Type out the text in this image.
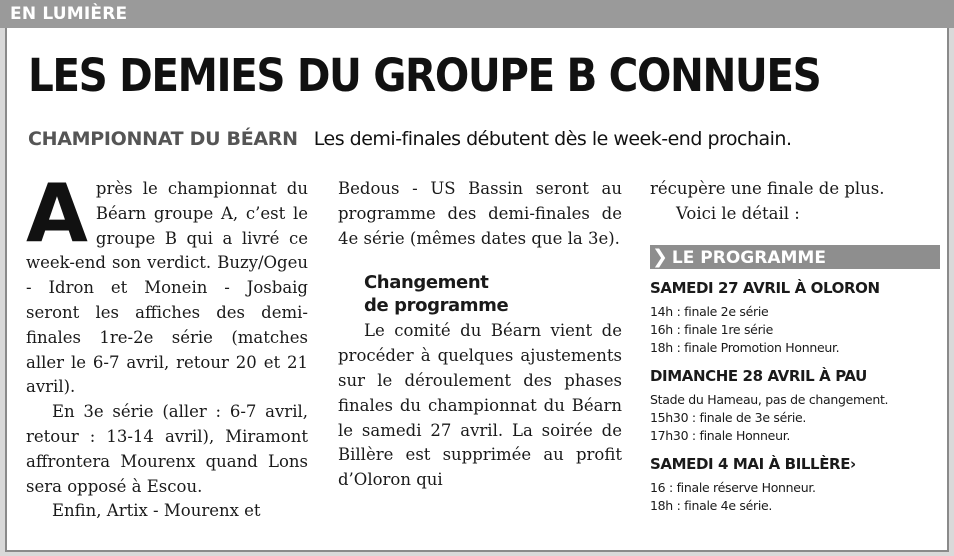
EN LUMIÈRE
LES DEMIES DU GROUPE B CONNUES
CHAMPIONNAT DU BÉARN Les demi-finales débutent dès le week-end prochain.

Après le championnat du Béarn groupe A, c’est le groupe B qui a livré ce week-end son verdict. Buzy/Ogeu - Idron et Monein - Josbaig seront les affiches des demi-finales 1re-2e série (matches aller le 6-7 avril, retour 20 et 21 avril).

En 3e série (aller : 6-7 avril, retour : 13-14 avril), Miramont affrontera Mourenx quand Lons sera opposé à Escou.

Enfin, Artix - Mourenx et

Bedous - US Bassin seront au programme des demi-finales de 4e série (mêmes dates que la 3e).

Changement
de programme

Le comité du Béarn vient de procéder à quelques ajustements sur le déroulement des phases finales du championnat du Béarn le samedi 27 avril. La soirée de Billère est supprimée au profit d’Oloron qui

récupère une finale de plus.

Voici le détail :

❯ LE PROGRAMME
SAMEDI 27 AVRIL À OLORON
14h : finale 2e série
16h : finale 1re série
18h : finale Promotion Honneur.
DIMANCHE 28 AVRIL À PAU
Stade du Hameau, pas de changement.
15h30 : finale de 3e série.
17h30 : finale Honneur.
SAMEDI 4 MAI À BILLÈRE›
16 : finale réserve Honneur.
18h : finale 4e série.
